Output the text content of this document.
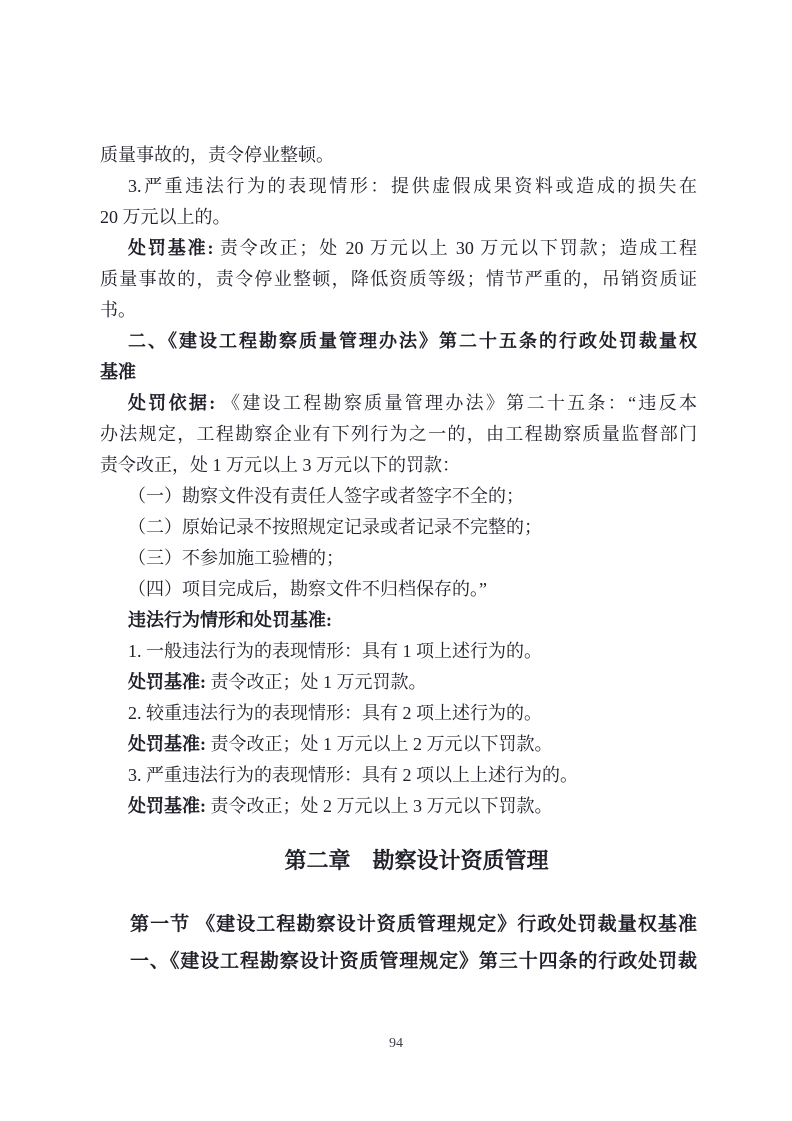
质量事故的，责令停业整顿。
3.严重违法行为的表现情形：提供虚假成果资料或造成的损失在
20 万元以上的。
处罚基准: 责令改正；处 20 万元以上 30 万元以下罚款；造成工程
质量事故的，责令停业整顿，降低资质等级；情节严重的，吊销资质证
书。
二、《建设工程勘察质量管理办法》第二十五条的行政处罚裁量权
基准
处罚依据: 《建设工程勘察质量管理办法》第二十五条：“违反本
办法规定，工程勘察企业有下列行为之一的，由工程勘察质量监督部门
责令改正，处 1 万元以上 3 万元以下的罚款：
（一）勘察文件没有责任人签字或者签字不全的；
（二）原始记录不按照规定记录或者记录不完整的；
（三）不参加施工验槽的；
（四）项目完成后，勘察文件不归档保存的。”
违法行为情形和处罚基准:
1. 一般违法行为的表现情形：具有 1 项上述行为的。
处罚基准: 责令改正；处 1 万元罚款。
2. 较重违法行为的表现情形：具有 2 项上述行为的。
处罚基准: 责令改正；处 1 万元以上 2 万元以下罚款。
3. 严重违法行为的表现情形：具有 2 项以上上述行为的。
处罚基准: 责令改正；处 2 万元以上 3 万元以下罚款。
第二章　勘察设计资质管理
第一节 《建设工程勘察设计资质管理规定》行政处罚裁量权基准
一、《建设工程勘察设计资质管理规定》第三十四条的行政处罚裁
94
